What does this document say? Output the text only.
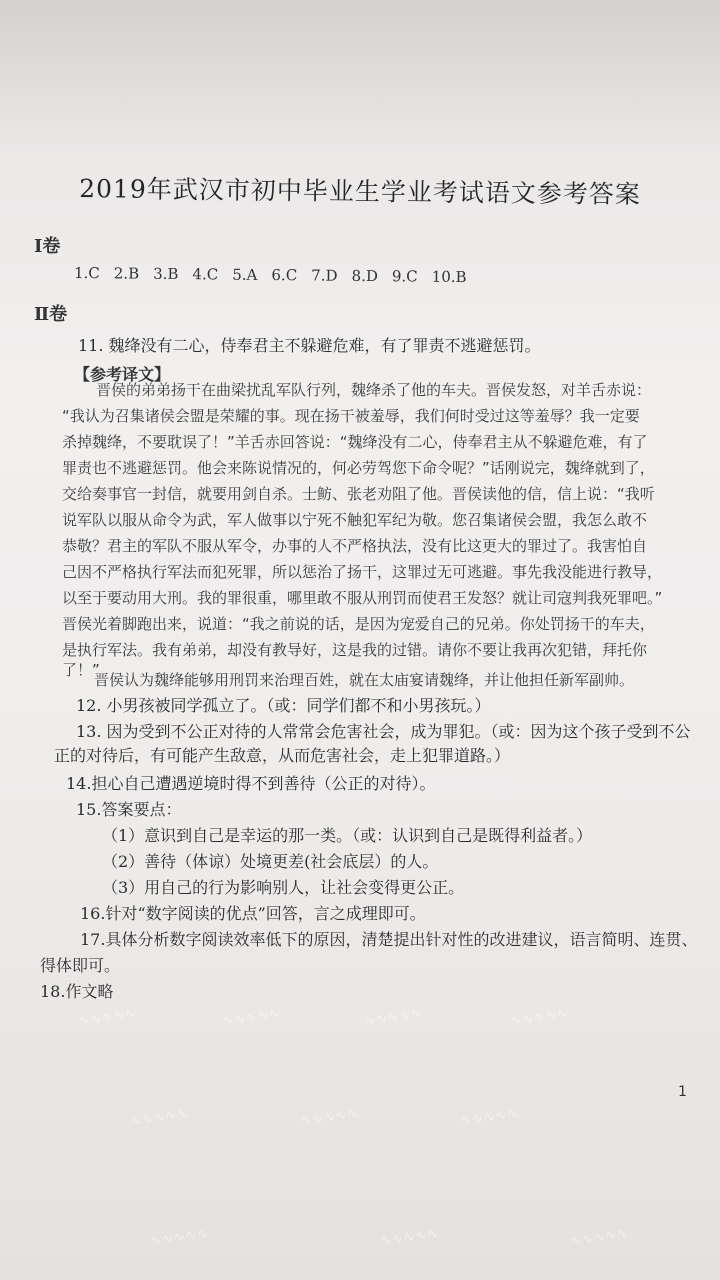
2019年武汉市初中毕业生学业考试语文参考答案
Ⅰ卷
1.C 2.B 3.B 4.C 5.A 6.C 7.D 8.D 9.C 10.B
Ⅱ卷
11. 魏绛没有二心，侍奉君主不躲避危难，有了罪责不逃避惩罚。
【参考译文】
晋侯的弟弟扬干在曲梁扰乱军队行列，魏绛杀了他的车夫。晋侯发怒，对羊舌赤说：
“我认为召集诸侯会盟是荣耀的事。现在扬干被羞辱，我们何时受过这等羞辱？我一定要
杀掉魏绛，不要耽误了！”羊舌赤回答说：“魏绛没有二心，侍奉君主从不躲避危难，有了
罪责也不逃避惩罚。他会来陈说情况的，何必劳驾您下命令呢？”话刚说完，魏绛就到了，
交给奏事官一封信，就要用剑自杀。士鲂、张老劝阻了他。晋侯读他的信，信上说：“我听
说军队以服从命令为武，军人做事以宁死不触犯军纪为敬。您召集诸侯会盟，我怎么敢不
恭敬？君主的军队不服从军令，办事的人不严格执法，没有比这更大的罪过了。我害怕自
己因不严格执行军法而犯死罪，所以惩治了扬干，这罪过无可逃避。事先我没能进行教导，
以至于要动用大刑。我的罪很重，哪里敢不服从刑罚而使君王发怒？就让司寇判我死罪吧。”
晋侯光着脚跑出来，说道：“我之前说的话，是因为宠爱自己的兄弟。你处罚扬干的车夫，
是执行军法。我有弟弟，却没有教导好，这是我的过错。请你不要让我再次犯错，拜托你
了！”
晋侯认为魏绛能够用刑罚来治理百姓，就在太庙宴请魏绛，并让他担任新军副帅。
12. 小男孩被同学孤立了。（或：同学们都不和小男孩玩。）
13. 因为受到不公正对待的人常常会危害社会，成为罪犯。（或：因为这个孩子受到不公
正的对待后，有可能产生敌意，从而危害社会，走上犯罪道路。）
14.担心自己遭遇逆境时得不到善待（公正的对待）。
15.答案要点：
（1）意识到自己是幸运的那一类。（或：认识到自己是既得利益者。）
（2）善待（体谅）处境更差(社会底层）的人。
（3）用自己的行为影响别人，让社会变得更公正。
16.针对“数字阅读的优点”回答，言之成理即可。
17.具体分析数字阅读效率低下的原因，清楚提出针对性的改进建议，语言简明、连贯、
得体即可。
18.作文略
1
∿∿∿∿∿	∿∿∿∿∿	∿∿∿∿∿	∿∿∿∿∿
∿∿∿∿∿	∿∿∿∿∿	∿∿∿∿∿
∿∿∿∿∿	∿∿∿∿∿	∿∿∿∿∿
